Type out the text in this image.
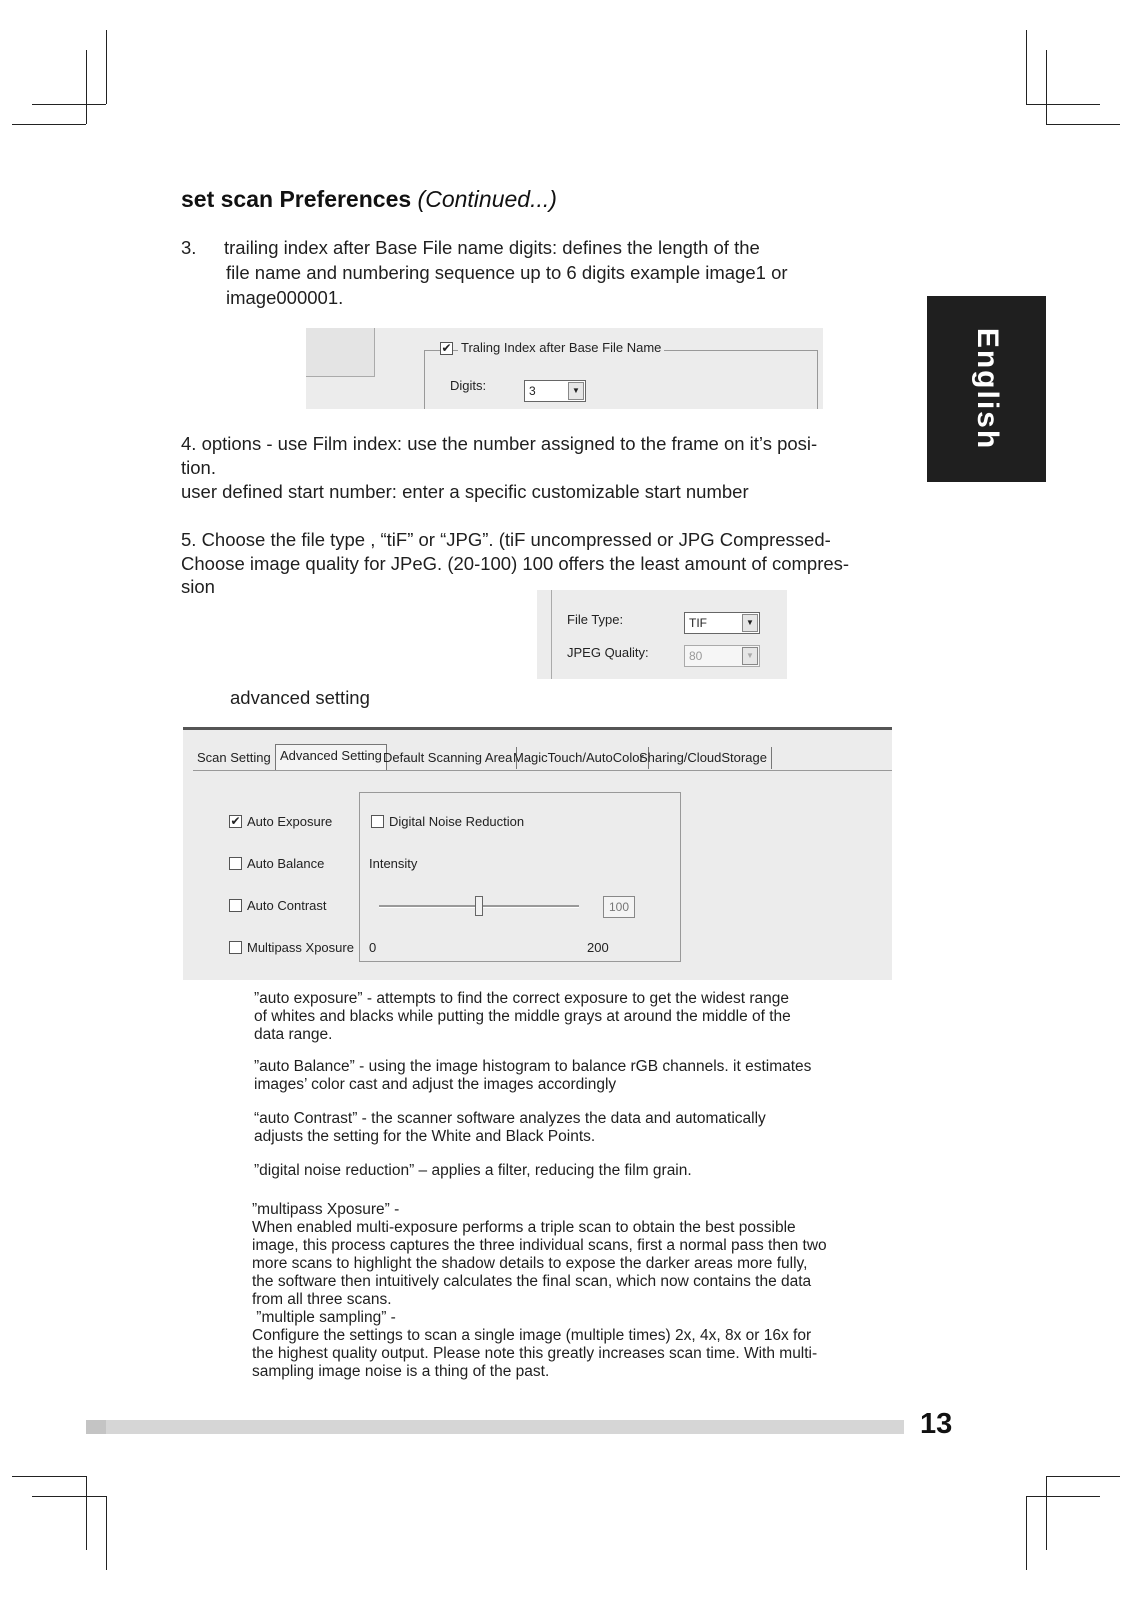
set scan Preferences (Continued...)
3. trailing index after Base File name digits: defines the length of the
file name and numbering sequence up to 6 digits example image1 or
image000001.
✔ Traling Index after Base File Name
Digits:	3	▼	English
4. options - use Film index: use the number assigned to the frame on it’s posi-
tion.
user defined start number: enter a specific customizable start number
5. Choose the file type , “tiF” or “JPG”. (tiF uncompressed or JPG Compressed-
Choose image quality for JPeG. (20-100) 100 offers the least amount of compres-
sion
File Type:	TIF	▼
JPEG Quality:	80	▼
advanced setting
Scan Setting Advanced Setting Default Scanning Area MagicTouch/AutoColor
Sharing/CloudStorage
✔ Auto Exposure
Auto Balance
Auto Contrast
Multipass Xposure
Digital Noise Reduction
Intensity
100
0	200
”auto exposure” - attempts to find the correct exposure to get the widest range
of whites and blacks while putting the middle grays at around the middle of the
data range.
”auto Balance” - using the image histogram to balance rGB channels. it estimates
images’ color cast and adjust the images accordingly
“auto Contrast” - the scanner software analyzes the data and automatically
adjusts the setting for the White and Black Points.
”digital noise reduction” – applies a filter, reducing the film grain.
”multipass Xposure” -
When enabled multi-exposure performs a triple scan to obtain the best possible
image, this process captures the three individual scans, first a normal pass then two
more scans to highlight the shadow details to expose the darker areas more fully,
the software then intuitively calculates the final scan, which now contains the data
from all three scans.
”multiple sampling” -
Configure the settings to scan a single image (multiple times) 2x, 4x, 8x or 16x for
the highest quality output. Please note this greatly increases scan time. With multi-
sampling image noise is a thing of the past.
13
